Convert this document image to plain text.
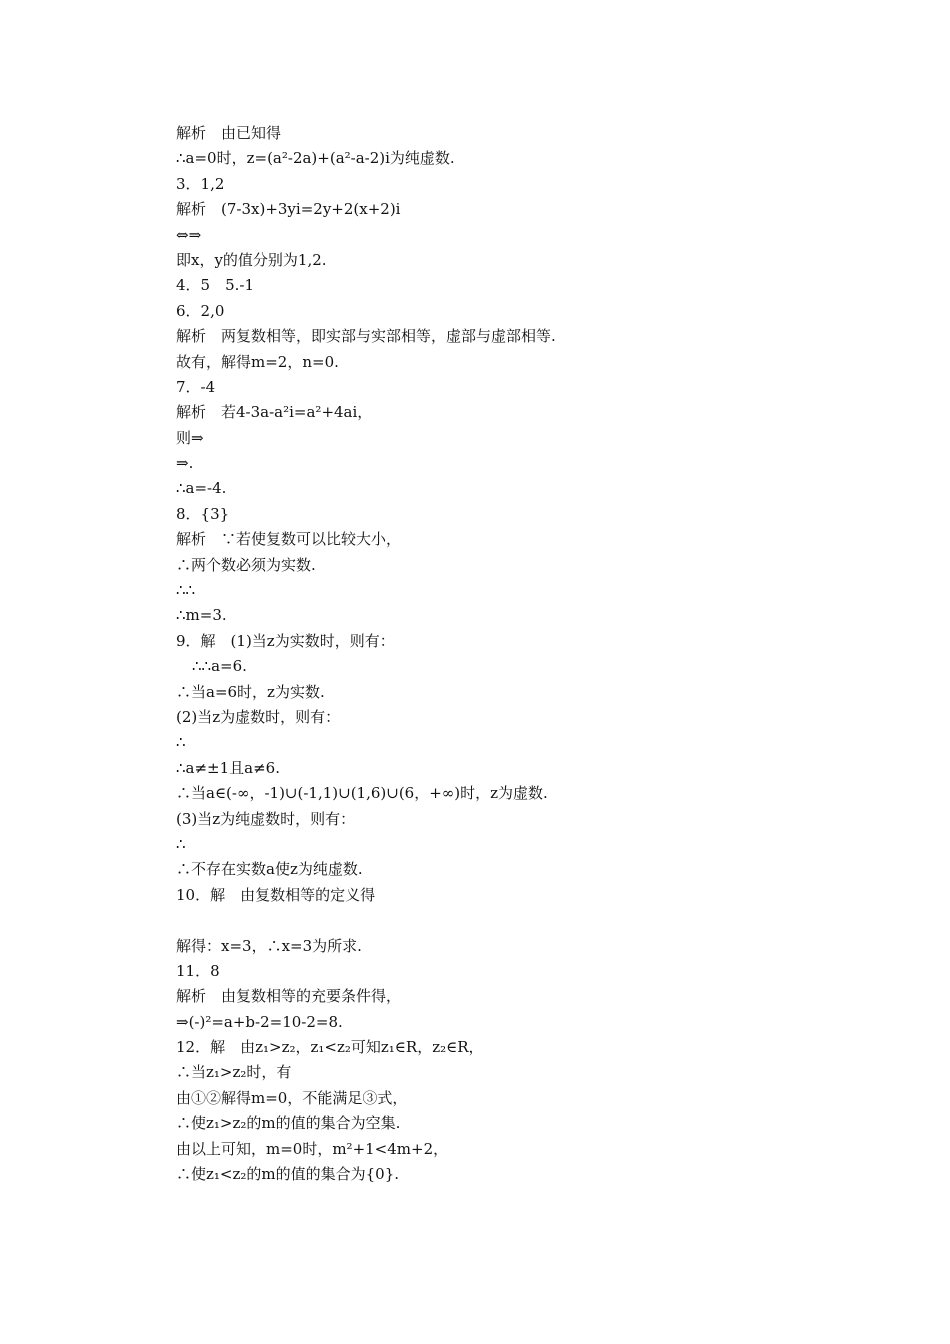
解析　由已知得
∴a=0时，z=(a²-2a)+(a²-a-2)i为纯虚数.
3．1,2
解析　(7-3x)+3yi=2y+2(x+2)i
⇔⇒
即x，y的值分别为1,2.
4．5　5.-1
6．2,0
解析　两复数相等，即实部与实部相等，虚部与虚部相等.
故有，解得m=2，n=0.
7．-4
解析　若4-3a-a²i=a²+4ai，
则⇒
⇒.
∴a=-4.
8．{3}
解析　∵若使复数可以比较大小，
∴两个数必须为实数.
∴∴
∴m=3.
9．解　(1)当z为实数时，则有：
∴∴a=6.
∴当a=6时，z为实数.
(2)当z为虚数时，则有：
∴
∴a≠±1且a≠6.
∴当a∈(-∞，-1)∪(-1,1)∪(1,6)∪(6，+∞)时，z为虚数.
(3)当z为纯虚数时，则有：
∴
∴不存在实数a使z为纯虚数.
10．解　由复数相等的定义得
解得：x=3，∴x=3为所求.
11．8
解析　由复数相等的充要条件得，
⇒(-)²=a+b-2=10-2=8.
12．解　由z₁>z₂，z₁<z₂可知z₁∈R，z₂∈R，
∴当z₁>z₂时，有
由①②解得m=0，不能满足③式，
∴使z₁>z₂的m的值的集合为空集.
由以上可知，m=0时，m²+1<4m+2，
∴使z₁<z₂的m的值的集合为{0}.
